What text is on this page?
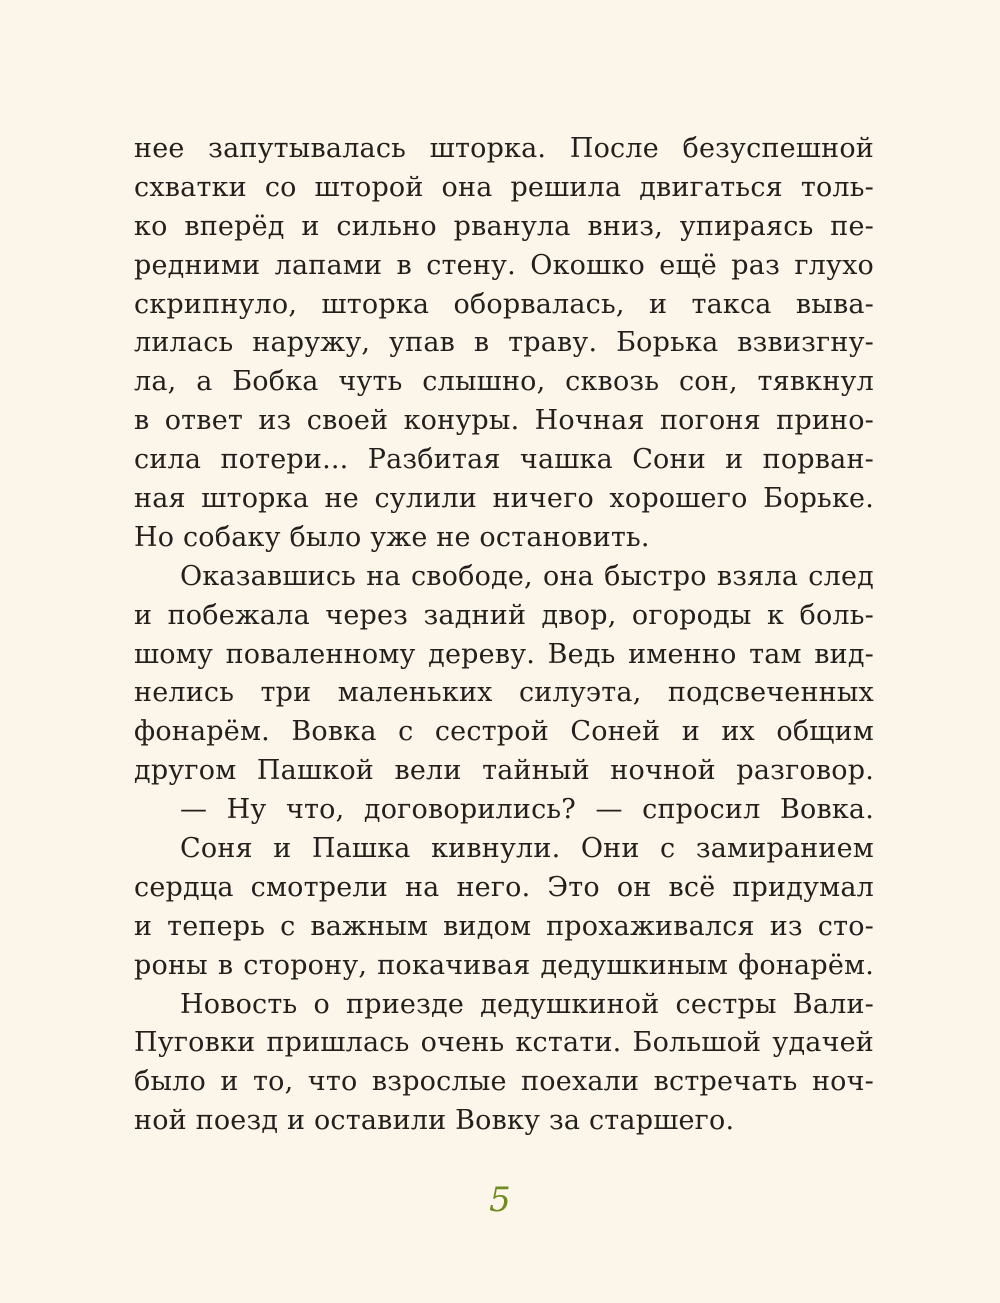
нее запутывалась шторка. После безуспешной
схватки со шторой она решила двигаться толь-
ко вперёд и сильно рванула вниз, упираясь пе-
редними лапами в стену. Окошко ещё раз глухо
скрипнуло, шторка оборвалась, и такса выва-
лилась наружу, упав в траву. Борька взвизгну-
ла, а Бобка чуть слышно, сквозь сон, тявкнул
в ответ из своей конуры. Ночная погоня прино-
сила потери... Разбитая чашка Сони и порван-
ная шторка не сулили ничего хорошего Борьке.
Но собаку было уже не остановить.
Оказавшись на свободе, она быстро взяла след
и побежала через задний двор, огороды к боль-
шому поваленному дереву. Ведь именно там вид-
нелись три маленьких силуэта, подсвеченных
фонарём. Вовка с сестрой Соней и их общим
другом Пашкой вели тайный ночной разговор.
— Ну что, договорились? — спросил Вовка.
Соня и Пашка кивнули. Они с замиранием
сердца смотрели на него. Это он всё придумал
и теперь с важным видом прохаживался из сто-
роны в сторону, покачивая дедушкиным фонарём.
Новость о приезде дедушкиной сестры Вали-
Пуговки пришлась очень кстати. Большой удачей
было и то, что взрослые поехали встречать ноч-
ной поезд и оставили Вовку за старшего.
5
